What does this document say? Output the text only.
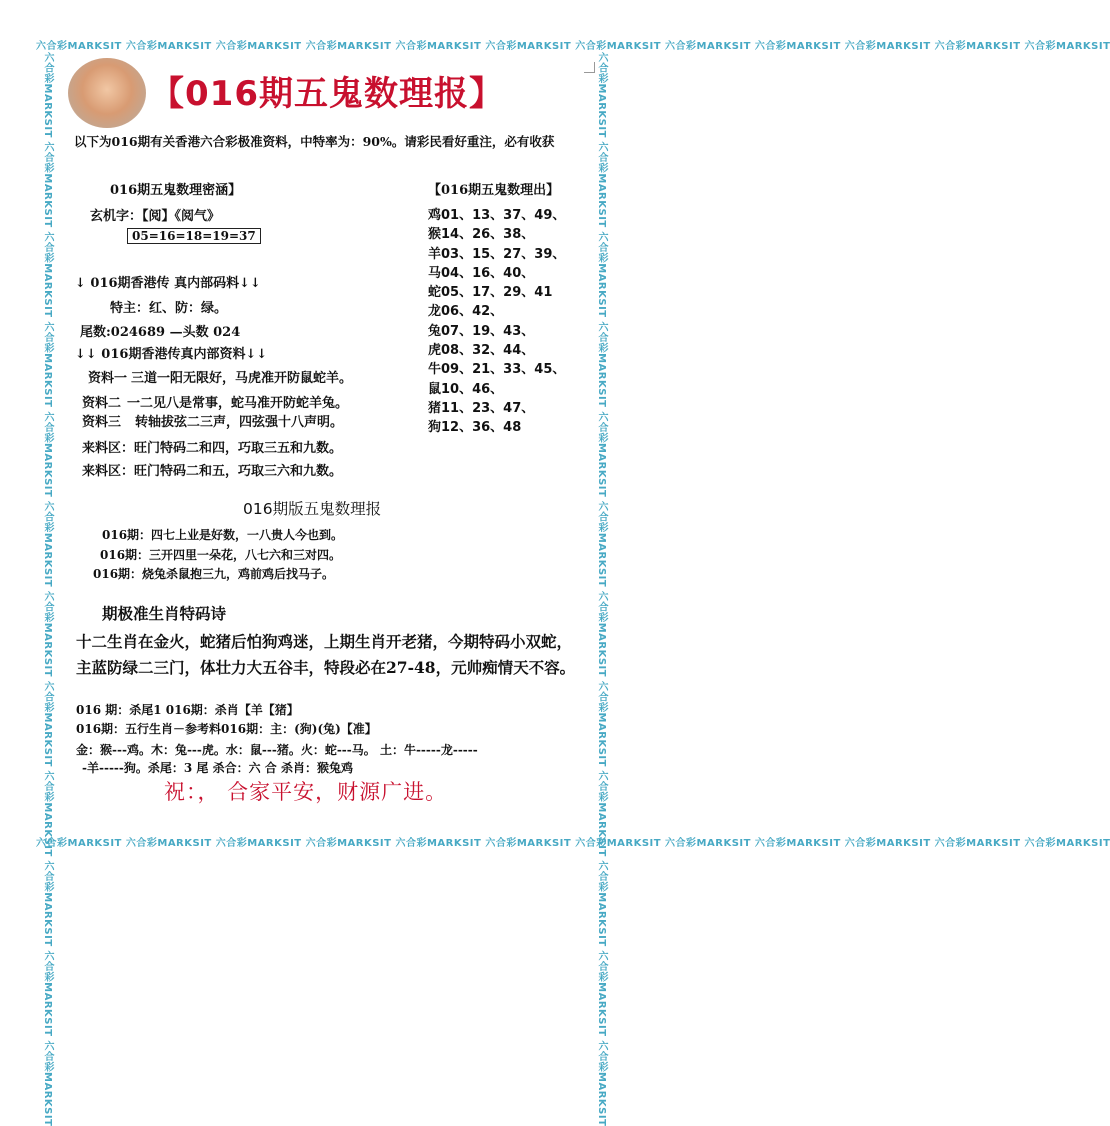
六合彩MARKSIT 六合彩MARKSIT 六合彩MARKSIT 六合彩MARKSIT 六合彩MARKSIT 六合彩MARKSIT 六合彩MARKSIT 六合彩MARKSIT 六合彩MARKSIT 六合彩MARKSIT 六合彩MARKSIT 六合彩MARKSIT
六合彩MARKSIT 六合彩MARKSIT 六合彩MARKSIT 六合彩MARKSIT 六合彩MARKSIT 六合彩MARKSIT 六合彩MARKSIT 六合彩MARKSIT 六合彩MARKSIT 六合彩MARKSIT 六合彩MARKSIT 六合彩MARKSIT
六合彩MARKSIT 六合彩MARKSIT 六合彩MARKSIT 六合彩MARKSIT 六合彩MARKSIT 六合彩MARKSIT 六合彩MARKSIT 六合彩MARKSIT 六合彩MARKSIT 六合彩MARKSIT 六合彩MARKSIT 六合彩MARKSIT	六合彩MARKSIT 六合彩MARKSIT 六合彩MARKSIT 六合彩MARKSIT 六合彩MARKSIT 六合彩MARKSIT 六合彩MARKSIT 六合彩MARKSIT 六合彩MARKSIT 六合彩MARKSIT 六合彩MARKSIT 六合彩MARKSIT
【016期五鬼数理报】
以下为016期有关香港六合彩极准资料，中特率为：90%。请彩民看好重注，必有收获
016期五鬼数理密涵】
玄机字：【阅】《阅气》
05=16=18=19=37
↓ 016期香港传 真内部码料↓↓
特主：红、防：绿。
尾数:024689 —头数 024
↓↓ 016期香港传真内部资料↓↓
资料一 三道一阳无限好，马虎准开防鼠蛇羊。
资料二 一二见八是常事，蛇马准开防蛇羊兔。
资料三 转轴拔弦二三声，四弦强十八声明。
来料区：旺门特码二和四，巧取三五和九数。
来料区：旺门特码二和五，巧取三六和九数。
【016期五鬼数理出】
鸡01、13、37、49、
猴14、26、38、
羊03、15、27、39、
马04、16、40、
蛇05、17、29、41
龙06、42、
兔07、19、43、
虎08、32、44、
牛09、21、33、45、
鼠10、46、
猪11、23、47、
狗12、36、48
016期版五鬼数理报
016期：四七上业是好数，一八贵人今也到。
016期：三开四里一朵花，八七六和三对四。
016期：烧兔杀鼠抱三九，鸡前鸡后找马子。
期极准生肖特码诗
十二生肖在金火，蛇猪后怕狗鸡迷，上期生肖开老猪，今期特码小双蛇，
主蓝防绿二三门，体壮力大五谷丰，特段必在27-48，元帅痴情天不容。
016 期：杀尾1 016期：杀肖【羊【猪】
016期：五行生肖－参考料016期：主：(狗)(兔)【准】
金：猴---鸡。木：兔---虎。水：鼠---猪。火：蛇---马。 土：牛-----龙-----
-羊-----狗。杀尾：3 尾 杀合：六 合 杀肖：猴兔鸡
祝：， 合家平安，财源广进。
